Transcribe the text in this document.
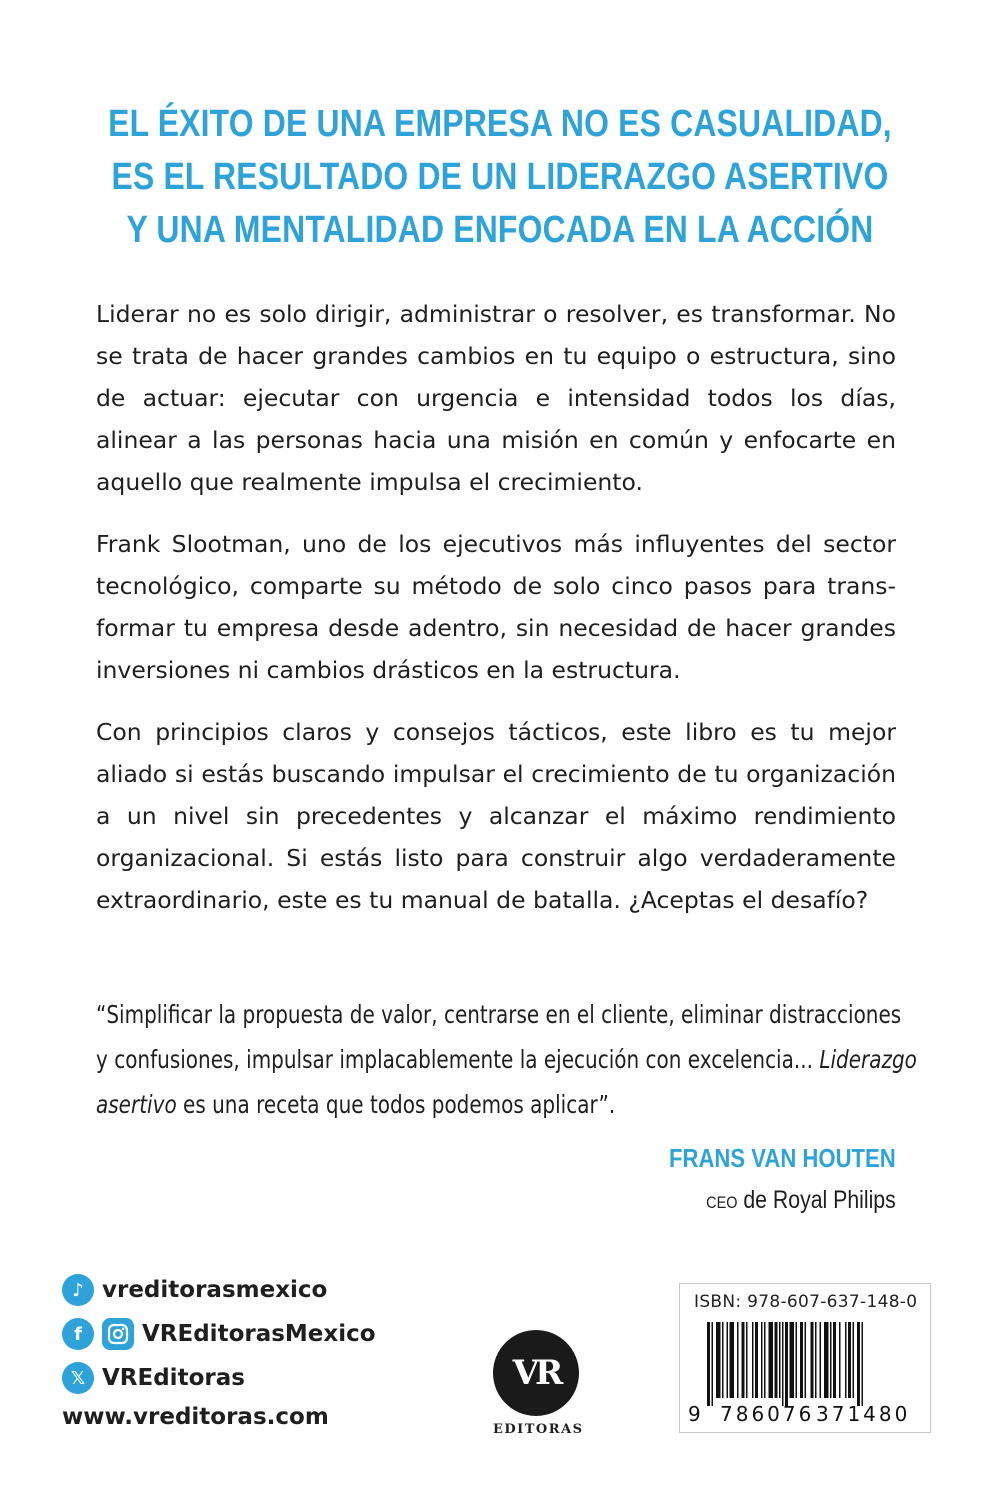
EL ÉXITO DE UNA EMPRESA NO ES CASUALIDAD,
ES EL RESULTADO DE UN LIDERAZGO ASERTIVO
Y UNA MENTALIDAD ENFOCADA EN LA ACCIÓN

Liderar no es solo dirigir, administrar o resolver, es transformar. No se trata de hacer grandes cambios en tu equipo o estructura, sino de actuar: ejecutar con urgencia e intensidad todos los días, alinear a las personas hacia una misión en común y enfocarte en aquello que realmente impulsa el crecimiento.

Frank Slootman, uno de los ejecutivos más influyentes del sector tecnológico, comparte su método de solo cinco pasos para transformar tu empresa desde adentro, sin necesidad de hacer grandes inversiones ni cambios drásticos en la estructura.

Con principios claros y consejos tácticos, este libro es tu mejor aliado si estás buscando impulsar el crecimiento de tu organización a un nivel sin precedentes y alcanzar el máximo rendimiento organizacional. Si estás listo para construir algo verdaderamente extraordinario, este es tu manual de batalla. ¿Aceptas el desafío?

“Simplificar la propuesta de valor, centrarse en el cliente, eliminar distracciones
y confusiones, impulsar implacablemente la ejecución con excelencia... Liderazgo
asertivo es una receta que todos podemos aplicar”.
FRANS VAN HOUTEN
CEO de Royal Philips
♪ vreditorasmexico
f	VREditorasMexico
𝕏 VREditoras
www.vreditoras.com
VR
EDITORAS
ISBN: 978-607-637-148-0
9 786076 371480
